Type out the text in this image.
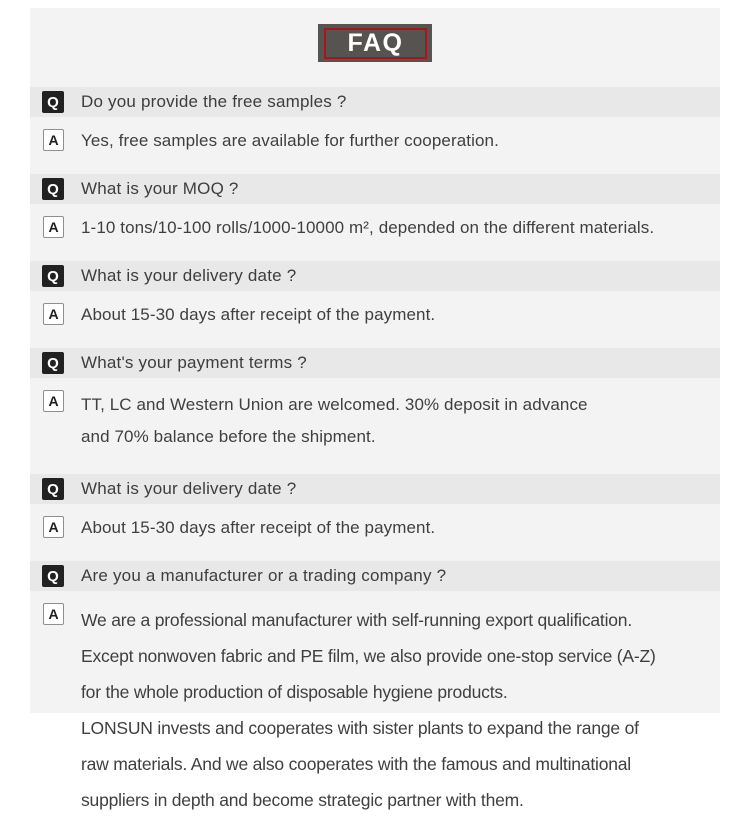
FAQ
Q	Do you provide the free samples ?
A	Yes, free samples are available for further cooperation.
Q	What is your MOQ ?
A	1-10 tons/10-100 rolls/1000-10000 m², depended on the different materials.
Q	What is your delivery date ?
A	About 15-30 days after receipt of the payment.
Q	What's your payment terms ?
A	TT, LC and Western Union are welcomed. 30% deposit in advance
and 70% balance before the shipment.
Q	What is your delivery date ?
A	About 15-30 days after receipt of the payment.
Q	Are you a manufacturer or a trading company ?
A	We are a professional manufacturer with self-running export qualification.
Except nonwoven fabric and PE film, we also provide one-stop service (A-Z)
for the whole production of disposable hygiene products.
LONSUN invests and cooperates with sister plants to expand the range of
raw materials. And we also cooperates with the famous and multinational
suppliers in depth and become strategic partner with them.
